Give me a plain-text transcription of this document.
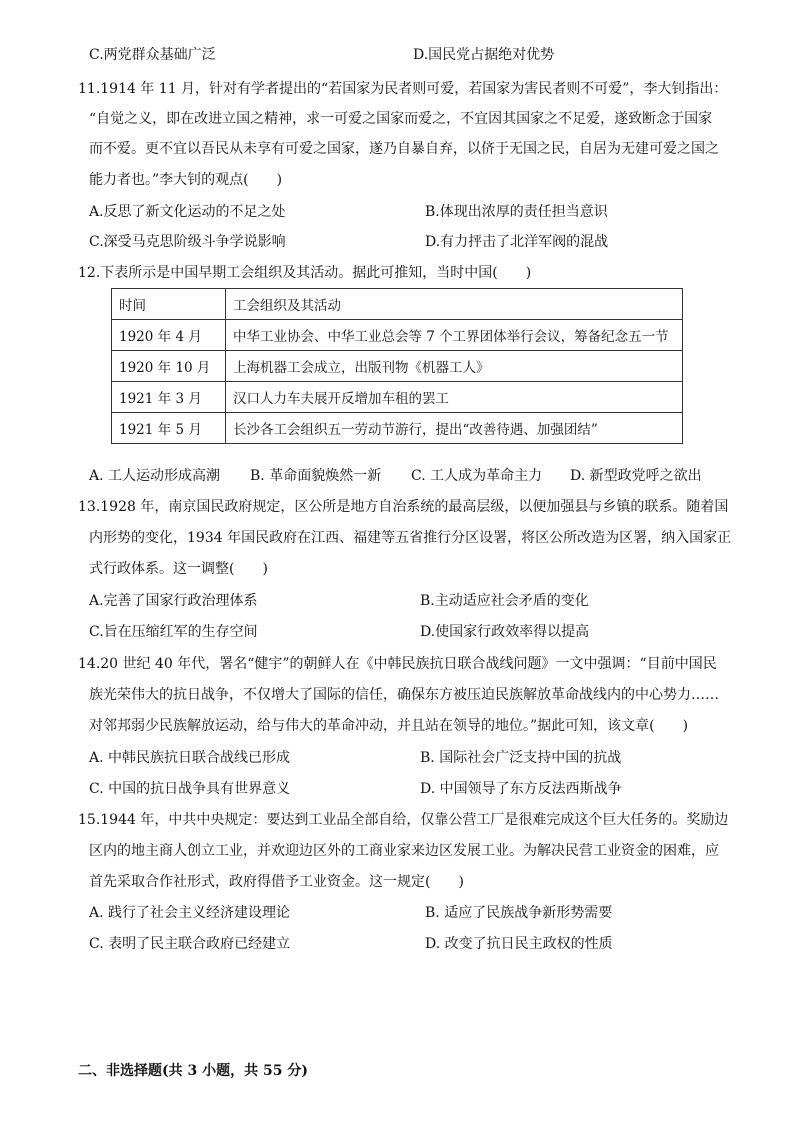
C.两党群众基础广泛	D.国民党占据绝对优势
11.1914 年 11 月，针对有学者提出的“若国家为民者则可爱，若国家为害民者则不可爱”，李大钊指出：
“自觉之义，即在改进立国之精神，求一可爱之国家而爱之，不宜因其国家之不足爱，遂致断念于国家
而不爱。更不宜以吾民从未享有可爱之国家，遂乃自暴自弃，以侪于无国之民，自居为无建可爱之国之
能力者也。”李大钊的观点(　　)
A.反思了新文化运动的不足之处	B.体现出浓厚的责任担当意识
C.深受马克思阶级斗争学说影响	D.有力抨击了北洋军阀的混战
12.下表所示是中国早期工会组织及其活动。据此可推知，当时中国(　　)
时间	工会组织及其活动
1920 年 4 月	中华工业协会、中华工业总会等 7 个工界团体举行会议，筹备纪念五一节
1920 年 10 月	上海机器工会成立，出版刊物《机器工人》
1921 年 3 月	汉口人力车夫展开反增加车租的罢工
1921 年 5 月	长沙各工会组织五一劳动节游行，提出“改善待遇、加强团结”
A. 工人运动形成高潮 B. 革命面貌焕然一新 C. 工人成为革命主力 D. 新型政党呼之欲出
13.1928 年，南京国民政府规定，区公所是地方自治系统的最高层级，以便加强县与乡镇的联系。随着国
内形势的变化，1934 年国民政府在江西、福建等五省推行分区设署，将区公所改造为区署，纳入国家正
式行政体系。这一调整(　　)
A.完善了国家行政治理体系	B.主动适应社会矛盾的变化
C.旨在压缩红军的生存空间	D.使国家行政效率得以提高
14.20 世纪 40 年代，署名“健宇”的朝鲜人在《中韩民族抗日联合战线问题》一文中强调：“目前中国民
族光荣伟大的抗日战争，不仅增大了国际的信任，确保东方被压迫民族解放革命战线内的中心势力……
对邻邦弱少民族解放运动，给与伟大的革命冲动，并且站在领导的地位。”据此可知，该文章(　　)
A. 中韩民族抗日联合战线已形成	B. 国际社会广泛支持中国的抗战
C. 中国的抗日战争具有世界意义	D. 中国领导了东方反法西斯战争
15.1944 年，中共中央规定：要达到工业品全部自给，仅靠公营工厂是很难完成这个巨大任务的。奖励边
区内的地主商人创立工业，并欢迎边区外的工商业家来边区发展工业。为解决民营工业资金的困难，应
首先采取合作社形式，政府得借予工业资金。这一规定(　　)
A. 践行了社会主义经济建设理论	B. 适应了民族战争新形势需要
C. 表明了民主联合政府已经建立	D. 改变了抗日民主政权的性质
二、非选择题(共 3 小题，共 55 分)
